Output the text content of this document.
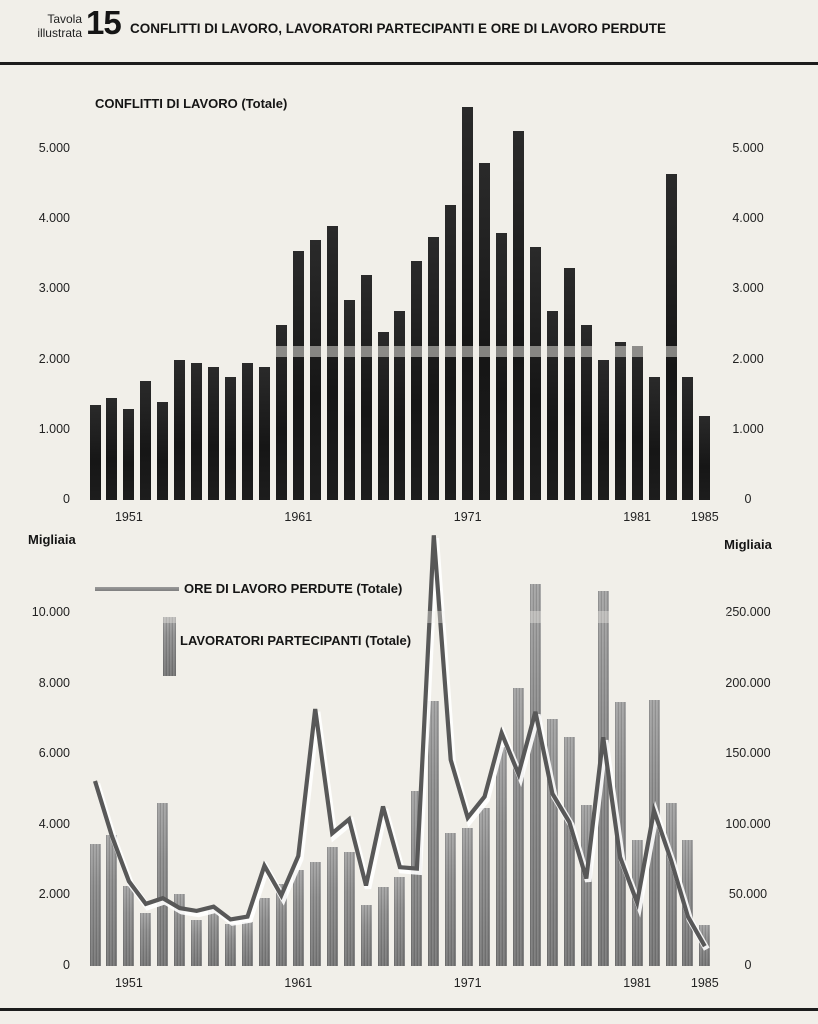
Tavola
illustrata 15 CONFLITTI DI LAVORO, LAVORATORI PARTECIPANTI E ORE DI LAVORO PERDUTE
CONFLITTI DI LAVORO (Totale)
Migliaia	Migliaia
ORE DI LAVORO PERDUTE (Totale)
LAVORATORI PARTECIPANTI (Totale)
0	0
1.000	1.000
2.000	2.000
3.000	3.000
4.000	4.000
5.000	5.000
1951	1961	1971	1981	1985
0
2.000
4.000
6.000
8.000
10.000
0
50.000
100.000
150.000
200.000
250.000
1951	1961	1971	1981	1985
